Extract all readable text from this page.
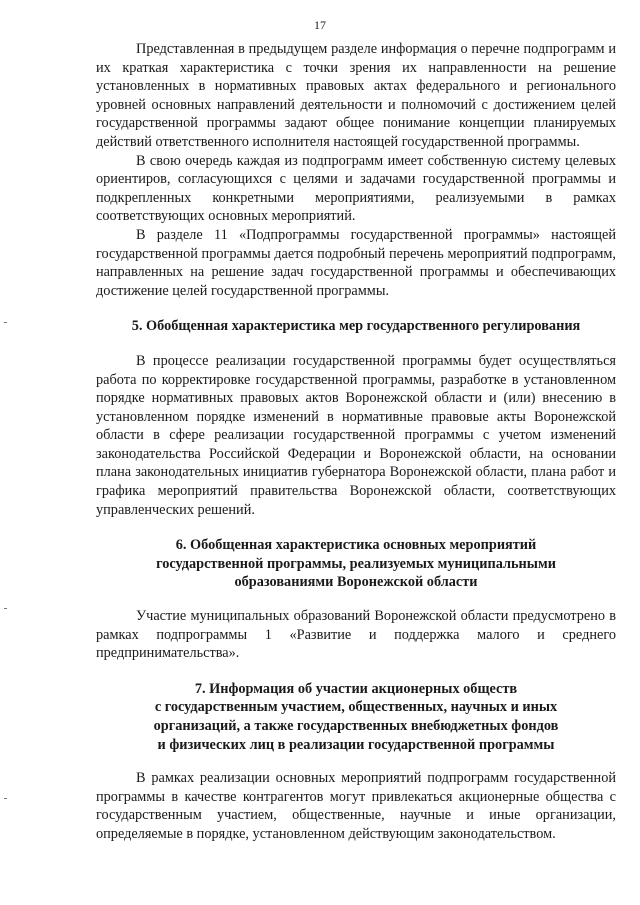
17

Представленная в предыдущем разделе информация о перечне подпрограмм и их краткая характеристика с точки зрения их направленности на решение установленных в нормативных правовых актах федерального и регионального уровней основных направлений деятельности и полномочий с достижением целей государственной программы задают общее понимание концепции планируемых действий ответственного исполнителя настоящей государственной программы.

В свою очередь каждая из подпрограмм имеет собственную систему целевых ориентиров, согласующихся с целями и задачами государственной программы и подкрепленных конкретными мероприятиями, реализуемыми в рамках соответствующих основных мероприятий.

В разделе 11 «Подпрограммы государственной программы» настоящей государственной программы дается подробный перечень мероприятий подпрограмм, направленных на решение задач государственной программы и обеспечивающих достижение целей государственной программы.

5. Обобщенная характеристика мер государственного регулирования

В процессе реализации государственной программы будет осуществляться работа по корректировке государственной программы, разработке в установленном порядке нормативных правовых актов Воронежской области и (или) внесению в установленном порядке изменений в нормативные правовые акты Воронежской области в сфере реализации государственной программы с учетом изменений законодательства Российской Федерации и Воронежской области, на основании плана законодательных инициатив губернатора Воронежской области, плана работ и графика мероприятий правительства Воронежской области, соответствующих управленческих решений.

6. Обобщенная характеристика основных мероприятий
государственной программы, реализуемых муниципальными
образованиями Воронежской области

Участие муниципальных образований Воронежской области предусмотрено в рамках подпрограммы 1 «Развитие и поддержка малого и среднего предпринимательства».

7. Информация об участии акционерных обществ
с государственным участием, общественных, научных и иных
организаций, а также государственных внебюджетных фондов
и физических лиц в реализации государственной программы

В рамках реализации основных мероприятий подпрограмм государственной программы в качестве контрагентов могут привлекаться акционерные общества с государственным участием, общественные, научные и иные организации, определяемые в порядке, установленном действующим законодательством.
